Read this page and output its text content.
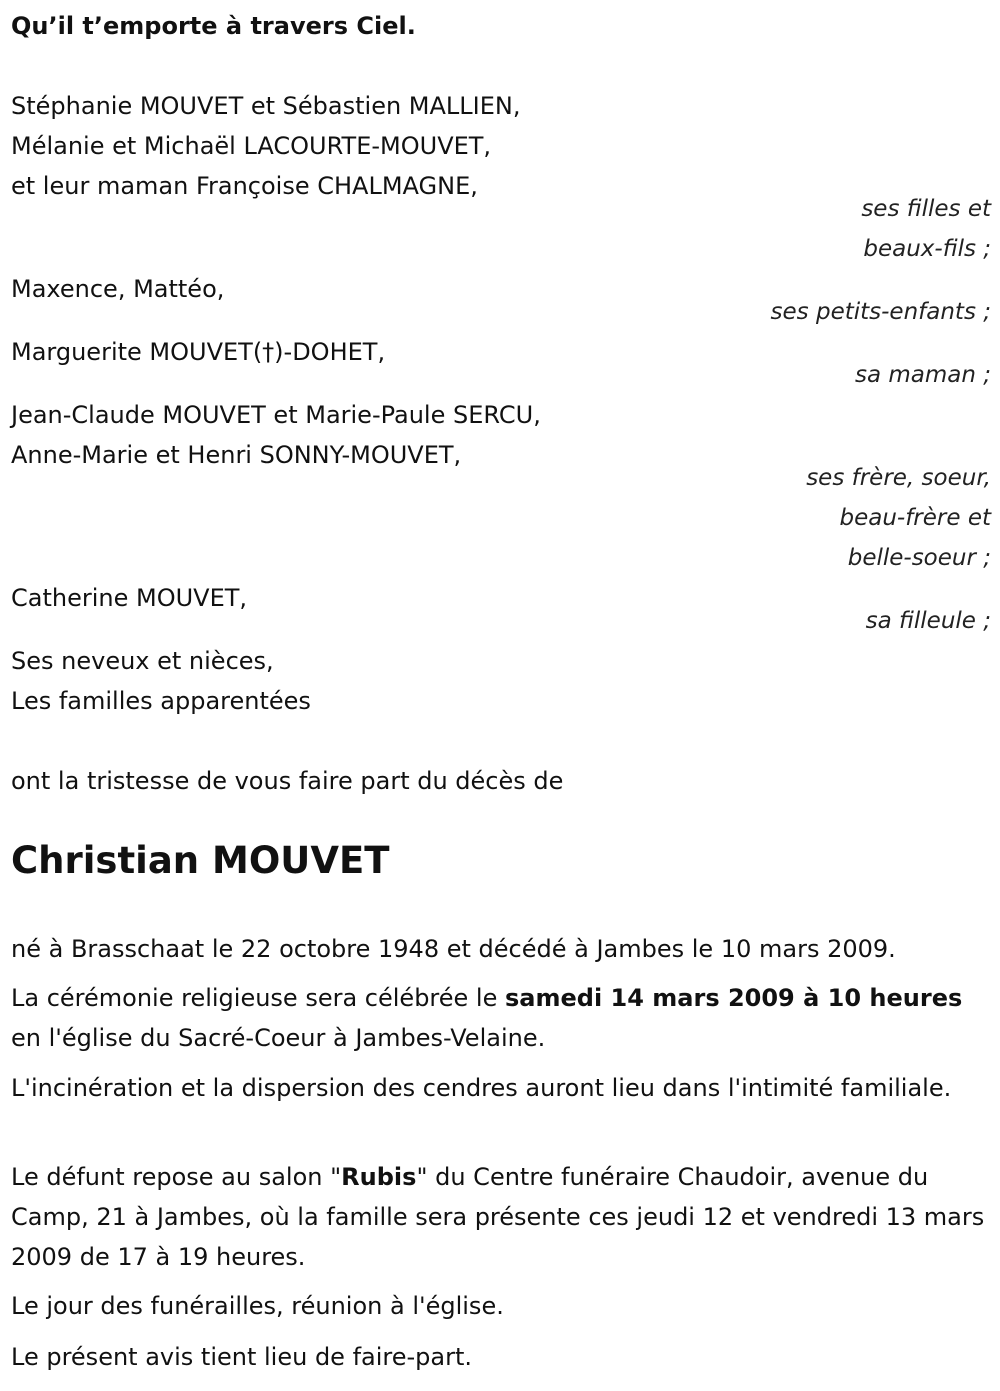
Qu’il t’emporte à travers Ciel.
Stéphanie MOUVET et Sébastien MALLIEN,
Mélanie et Michaël LACOURTE-MOUVET,
et leur maman Françoise CHALMAGNE,
ses filles et
beaux-fils ;
Maxence, Mattéo,
ses petits-enfants ;
Marguerite MOUVET(†)-DOHET,
sa maman ;
Jean-Claude MOUVET et Marie-Paule SERCU,
Anne-Marie et Henri SONNY-MOUVET,
ses frère, soeur,
beau-frère et
belle-soeur ;
Catherine MOUVET,
sa filleule ;
Ses neveux et nièces,
Les familles apparentées
ont la tristesse de vous faire part du décès de
Christian MOUVET
né à Brasschaat le 22 octobre 1948 et décédé à Jambes le 10 mars 2009.
La cérémonie religieuse sera célébrée le samedi 14 mars 2009 à 10 heures en l'église du Sacré-Coeur à Jambes-Velaine.
L'incinération et la dispersion des cendres auront lieu dans l'intimité familiale.
Le défunt repose au salon "Rubis" du Centre funéraire Chaudoir, avenue du Camp, 21 à Jambes, où la famille sera présente ces jeudi 12 et vendredi 13 mars 2009 de 17 à 19 heures.
Le jour des funérailles, réunion à l'église.
Le présent avis tient lieu de faire-part.
